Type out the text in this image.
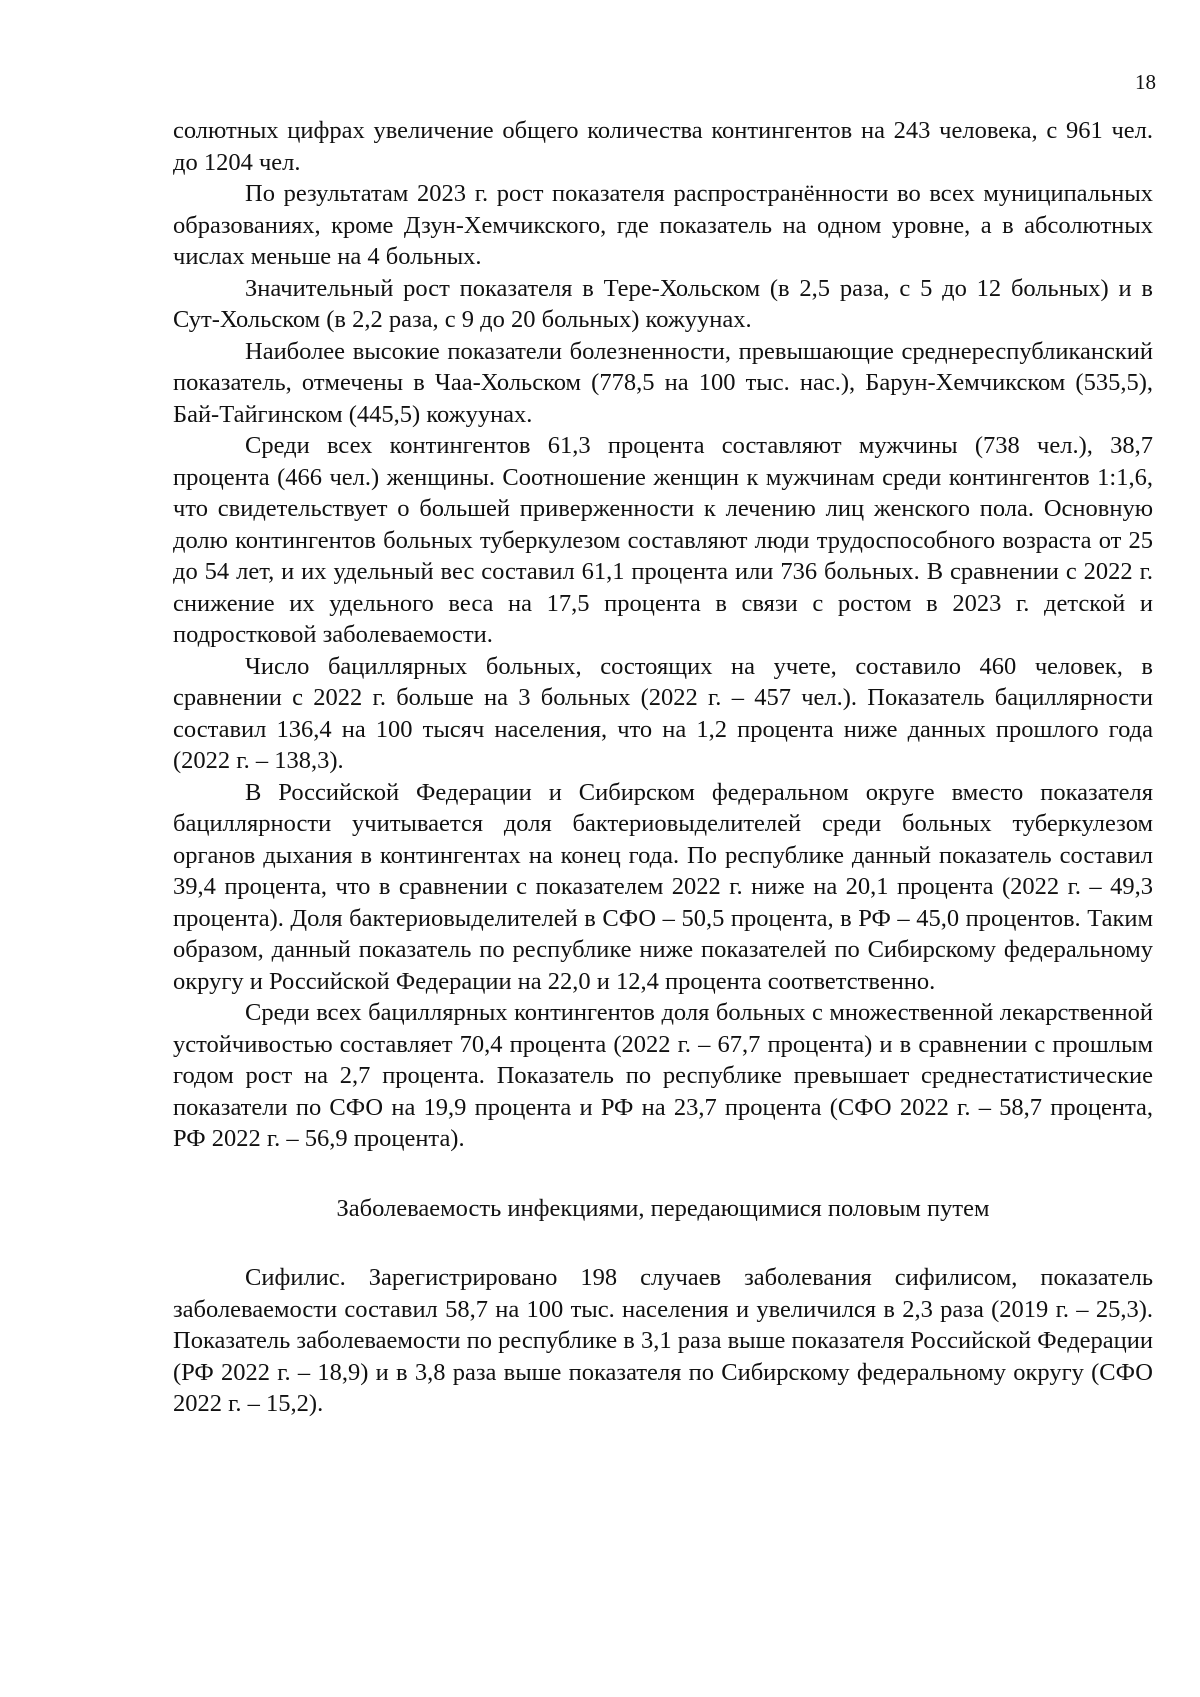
18

солютных цифрах увеличение общего количества контингентов на 243 человека, с 961 чел. до 1204 чел.

По результатам 2023 г. рост показателя распространённости во всех муниципальных образованиях, кроме Дзун-Хемчикского, где показатель на одном уровне, а в абсолютных числах меньше на 4 больных.

Значительный рост показателя в Тере-Хольском (в 2,5 раза, с 5 до 12 больных) и в Сут-Хольском (в 2,2 раза, с 9 до 20 больных) кожуунах.

Наиболее высокие показатели болезненности, превышающие среднереспубликанский показатель, отмечены в Чаа-Хольском (778,5 на 100 тыс. нас.), Барун-Хемчикском (535,5), Бай-Тайгинском (445,5) кожуунах.

Среди всех контингентов 61,3 процента составляют мужчины (738 чел.), 38,7 процента (466 чел.) женщины. Соотношение женщин к мужчинам среди контингентов 1:1,6, что свидетельствует о большей приверженности к лечению лиц женского пола. Основную долю контингентов больных туберкулезом составляют люди трудоспособного возраста от 25 до 54 лет, и их удельный вес составил 61,1 процента или 736 больных. В сравнении с 2022 г. снижение их удельного веса на 17,5 процента в связи с ростом в 2023 г. детской и подростковой заболеваемости.

Число бациллярных больных, состоящих на учете, составило 460 человек, в сравнении с 2022 г. больше на 3 больных (2022 г. – 457 чел.). Показатель бациллярности составил 136,4 на 100 тысяч населения, что на 1,2 процента ниже данных прошлого года (2022 г. – 138,3).

В Российской Федерации и Сибирском федеральном округе вместо показателя бациллярности учитывается доля бактериовыделителей среди больных туберкулезом органов дыхания в контингентах на конец года. По республике данный показатель составил 39,4 процента, что в сравнении с показателем 2022 г. ниже на 20,1 процента (2022 г. – 49,3 процента). Доля бактериовыделителей в СФО – 50,5 процента, в РФ – 45,0 процентов. Таким образом, данный показатель по республике ниже показателей по Сибирскому федеральному округу и Российской Федерации на 22,0 и 12,4 процента соответственно.

Среди всех бациллярных контингентов доля больных с множественной лекарственной устойчивостью составляет 70,4 процента (2022 г. – 67,7 процента) и в сравнении с прошлым годом рост на 2,7 процента. Показатель по республике превышает среднестатистические показатели по СФО на 19,9 процента и РФ на 23,7 процента (СФО 2022 г. – 58,7 процента, РФ 2022 г. – 56,9 процента).

Заболеваемость инфекциями, передающимися половым путем

Сифилис. Зарегистрировано 198 случаев заболевания сифилисом, показатель заболеваемости составил 58,7 на 100 тыс. населения и увеличился в 2,3 раза (2019 г. – 25,3). Показатель заболеваемости по республике в 3,1 раза выше показателя Российской Федерации (РФ 2022 г. – 18,9) и в 3,8 раза выше показателя по Сибирскому федеральному округу (СФО 2022 г. – 15,2).
